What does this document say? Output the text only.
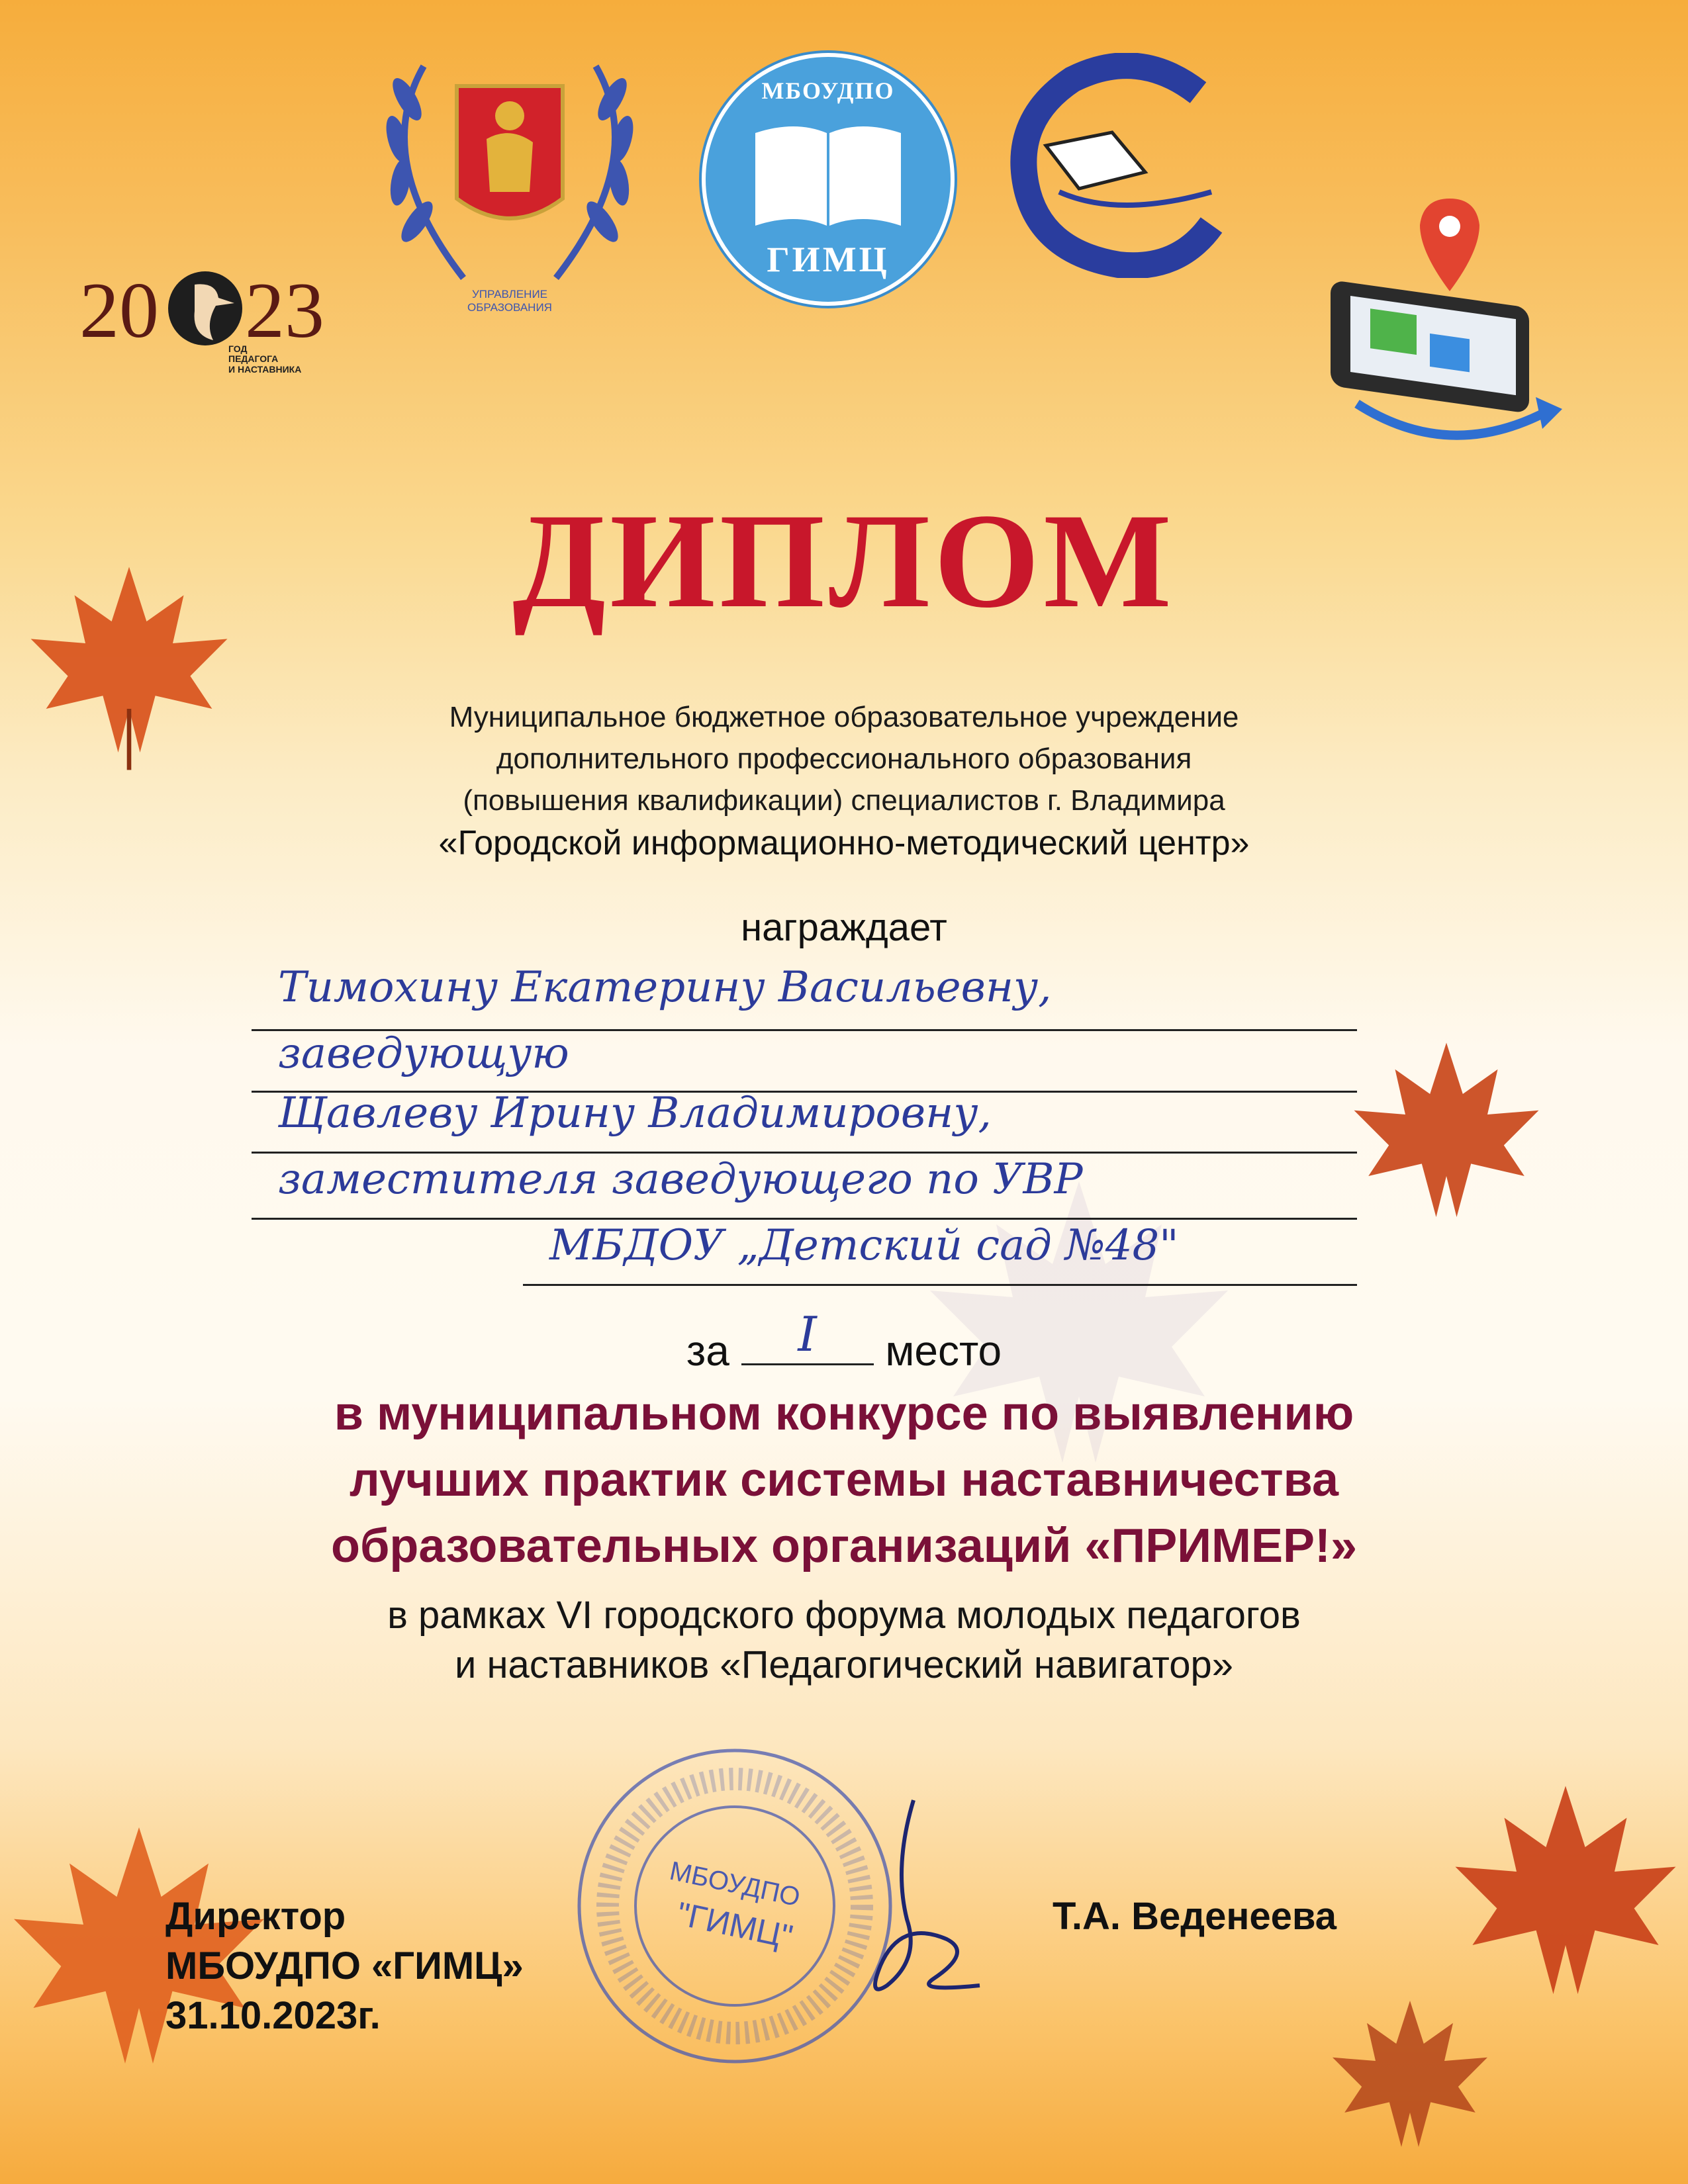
20 23
ГОД
ПЕДАГОГА
И НАСТАВНИКА
УПРАВЛЕНИЕ ОБРАЗОВАНИЯ
МБОУДПО
ГИМЦ
ДИПЛОМ
Муниципальное бюджетное образовательное учреждение
дополнительного профессионального образования
(повышения квалификации) специалистов г. Владимира
«Городской информационно-методический центр»
награждает
Тимохину Екатерину Васильевну,
заведующую
Щавлеву Ирину Владимировну,
заместителя заведующего по УВР
МБДОУ „Детский сад №48"
за	I	место
в муниципальном конкурсе по выявлению
лучших практик системы наставничества
образовательных организаций «ПРИМЕР!»
в рамках VI городского форума молодых педагогов
и наставников «Педагогический навигатор»
МБОУДПО
"ГИМЦ"
Директор
МБОУДПО «ГИМЦ»
31.10.2023г.
Т.А. Веденеева
